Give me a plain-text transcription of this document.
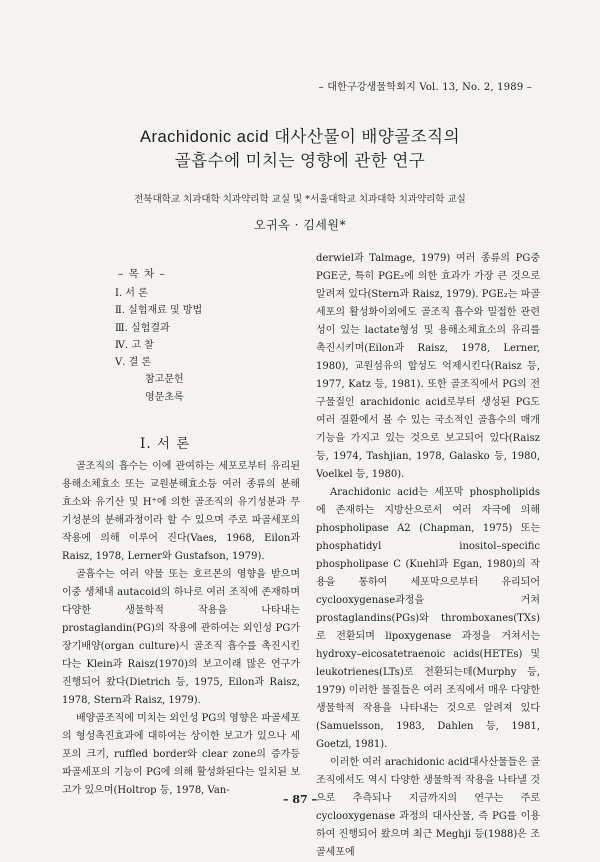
– 대한구강생물학회지 Vol. 13, No. 2, 1989 –
Arachidonic acid 대사산물이 배양골조직의
골흡수에 미치는 영향에 관한 연구
전북대학교 치과대학 치과약리학 교실 및 *서울대학교 치과대학 치과약리학 교실
오귀옥 · 김세원*
– 목 차 –
Ⅰ. 서 론
Ⅱ. 실험재료 및 방법
Ⅲ. 실험결과
Ⅳ. 고 찰
Ⅴ. 결 론
참고문헌
영문초록
Ⅰ. 서 론

골조직의 흡수는 이에 관여하는 세포로부터 유리된 용해소체효소 또는 교원분해효소등 여러 종류의 분해효소와 유기산 및 H⁺에 의한 골조직의 유기성분과 무기성분의 분해과정이라 할 수 있으며 주로 파골세포의 작용에 의해 이루어 진다(Vaes, 1968, Eilon과 Raisz, 1978, Lerner와 Gustafson, 1979).

골흡수는 여러 약물 또는 호르몬의 영향을 받으며 이중 생체내 autacoid의 하나로 여러 조직에 존재하며 다양한 생물학적 작용을 나타내는 prostaglandin(PG)의 작용에 관하여는 외인성 PG가 장기배양(organ culture)시 골조직 흡수를 촉진시킨다는 Klein과 Raisz(1970)의 보고이래 많은 연구가 진행되어 왔다(Dietrich 등, 1975, Eilon과 Raisz, 1978, Stern과 Raisz, 1979).

배양골조직에 미치는 외인성 PG의 영향은 파골세포의 형성촉진효과에 대하여는 상이한 보고가 있으나 세포의 크기, ruffled border와 clear zone의 증가등 파골세포의 기능이 PG에 의해 활성화된다는 일치된 보고가 있으며(Holtrop 등, 1978, Van-

derwiel과 Talmage, 1979) 여러 종류의 PG중 PGE군, 특히 PGE₂에 의한 효과가 가장 큰 것으로 알려져 있다(Stern과 Raisz, 1979). PGE₂는 파골세포의 활성화이외에도 골조직 흡수와 밀접한 관련성이 있는 lactate형성 및 용해소체효소의 유리를 촉진시키며(Eilon과 Raisz, 1978, Lerner, 1980), 교원섬유의 합성도 억제시킨다(Raisz 등, 1977, Katz 등, 1981). 또한 골조직에서 PG의 전구물질인 arachidonic acid로부터 생성된 PG도 여러 질환에서 볼 수 있는 국소적인 골흡수의 매개기능을 가지고 있는 것으로 보고되어 있다(Raisz 등, 1974, Tashjian, 1978, Galasko 등, 1980, Voelkel 등, 1980).

Arachidonic acid는 세포막 phospholipids에 존재하는 지방산으로서 여러 자극에 의해 phospholipase A2 (Chapman, 1975) 또는 phosphatidyl inositol–specific phospholipase C (Kuehl과 Egan, 1980)의 작용을 통하여 세포막으로부터 유리되어 cyclooxygenase과정을 거쳐 prostaglandins(PGs)와 thromboxanes(TXs)로 전환되며 lipoxygenase 과정을 거쳐서는 hydroxy–eicosatetraenoic acids(HETEs) 및 leukotrienes(LTs)로 전환되는데(Murphy 등, 1979) 이러한 물질들은 여러 조직에서 매우 다양한 생물학적 작용을 나타내는 것으로 알려져 있다(Samuelsson, 1983, Dahlen 등, 1981, Goetzl, 1981).

이러한 여러 arachidonic acid대사산물들은 골조직에서도 역시 다양한 생물학적 작용을 나타낼 것으로 추측되나 지금까지의 연구는 주로 cyclooxygenase 과정의 대사산물, 즉 PG를 이용하여 진행되어 왔으며 최근 Meghji 등(1988)은 조골세포에

– 87 –
